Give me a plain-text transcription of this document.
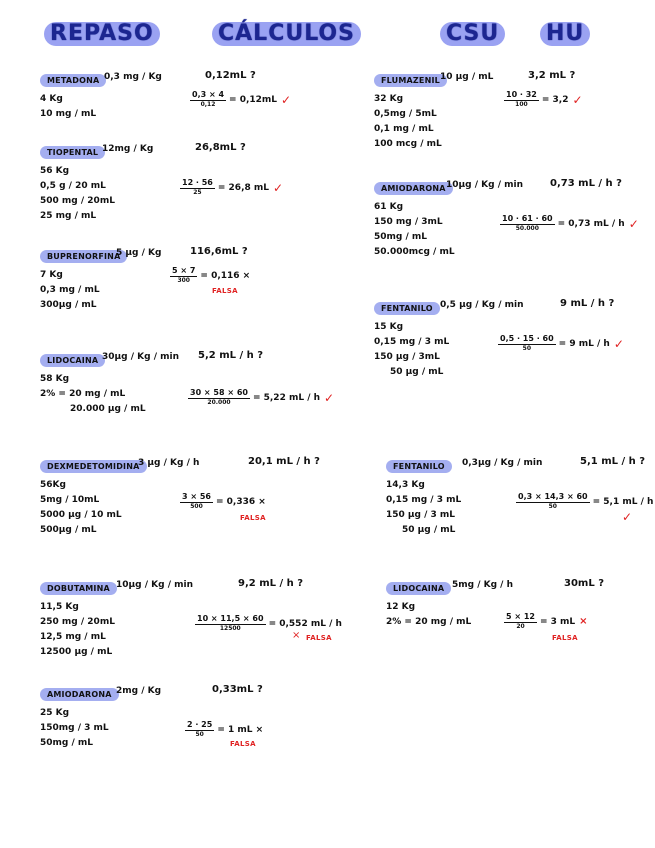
REPASO	CÁLCULOS	CSU HU
METADONA 0,3 mg / Kg	0,12mL ?
4 Kg
10 mg / mL
$\frac{0,3 \times 4}{0,12} = 0,12mL$ ✓
TIOPENTAL 12mg / Kg	26,8mL ?
56 Kg
0,5 g / 20 mL
500 mg / 20mL
25 mg / mL
$\frac{12 \cdot 56}{25} = 26,8$ mL ✓
BUPRENORFINA
5 µg / Kg	116,6mL ?
7 Kg
0,3 mg / mL
300µg / mL
$\frac{5 \times 7}{300} = 0,116$ ×
FALSA
LIDOCAINA 30µg / Kg / min 5,2 mL / h ?
58 Kg
2% = 20 mg / mL
20.000 µg / mL
$\frac{30 \times 58 \times 60}{20.000} = 5,22$ mL / h ✓
DEXMEDETOMIDINA
3 µg / Kg / h	20,1 mL / h ?
56Kg
5mg / 10mL
5000 µg / 10 mL
500µg / mL
$\frac{3 \times 56}{500} = 0,336$ ×
FALSA
DOBUTAMINA 10µg / Kg / min	9,2 mL / h ?
11,5 Kg
250 mg / 20mL
12,5 mg / mL
12500 µg / mL
$\frac{10 \times 11,5 \times 60}{12500} = 0,552$ mL / h
× FALSA
AMIODARONA 2mg / Kg	0,33mL ?
25 Kg
150mg / 3 mL
50mg / mL
$\frac{2 \cdot 25}{50} = 1$ mL ×
FALSA
FLUMAZENIL 10 µg / mL	3,2 mL ?
32 Kg
0,5mg / 5mL
0,1 mg / mL
100 mcg / mL
$\frac{10 \cdot 32}{100} = 3,2$ ✓
AMIODARONA 10µg / Kg / min	0,73 mL / h ?
61 Kg
150 mg / 3mL
50mg / mL
50.000mcg / mL
$\frac{10 \cdot 61 \cdot 60}{50.000} = 0,73$ mL / h ✓
FENTANILO 0,5 µg / Kg / min	9 mL / h ?
15 Kg
0,15 mg / 3 mL
150 µg / 3mL
50 µg / mL
$\frac{0,5 \cdot 15 \cdot 60}{50} = 9$ mL / h ✓
FENTANILO 0,3µg / Kg / min	5,1 mL / h ?
14,3 Kg
0,15 mg / 3 mL
150 µg / 3 mL
50 µg / mL
$\frac{0,3 \times 14,3 \times 60}{50} = 5,1$ mL / h
✓
LIDOCAINA 5mg / Kg / h	30mL ?
12 Kg
2% = 20 mg / mL	$\frac{5 \times 12}{20} = 3$ mL ×
FALSA
